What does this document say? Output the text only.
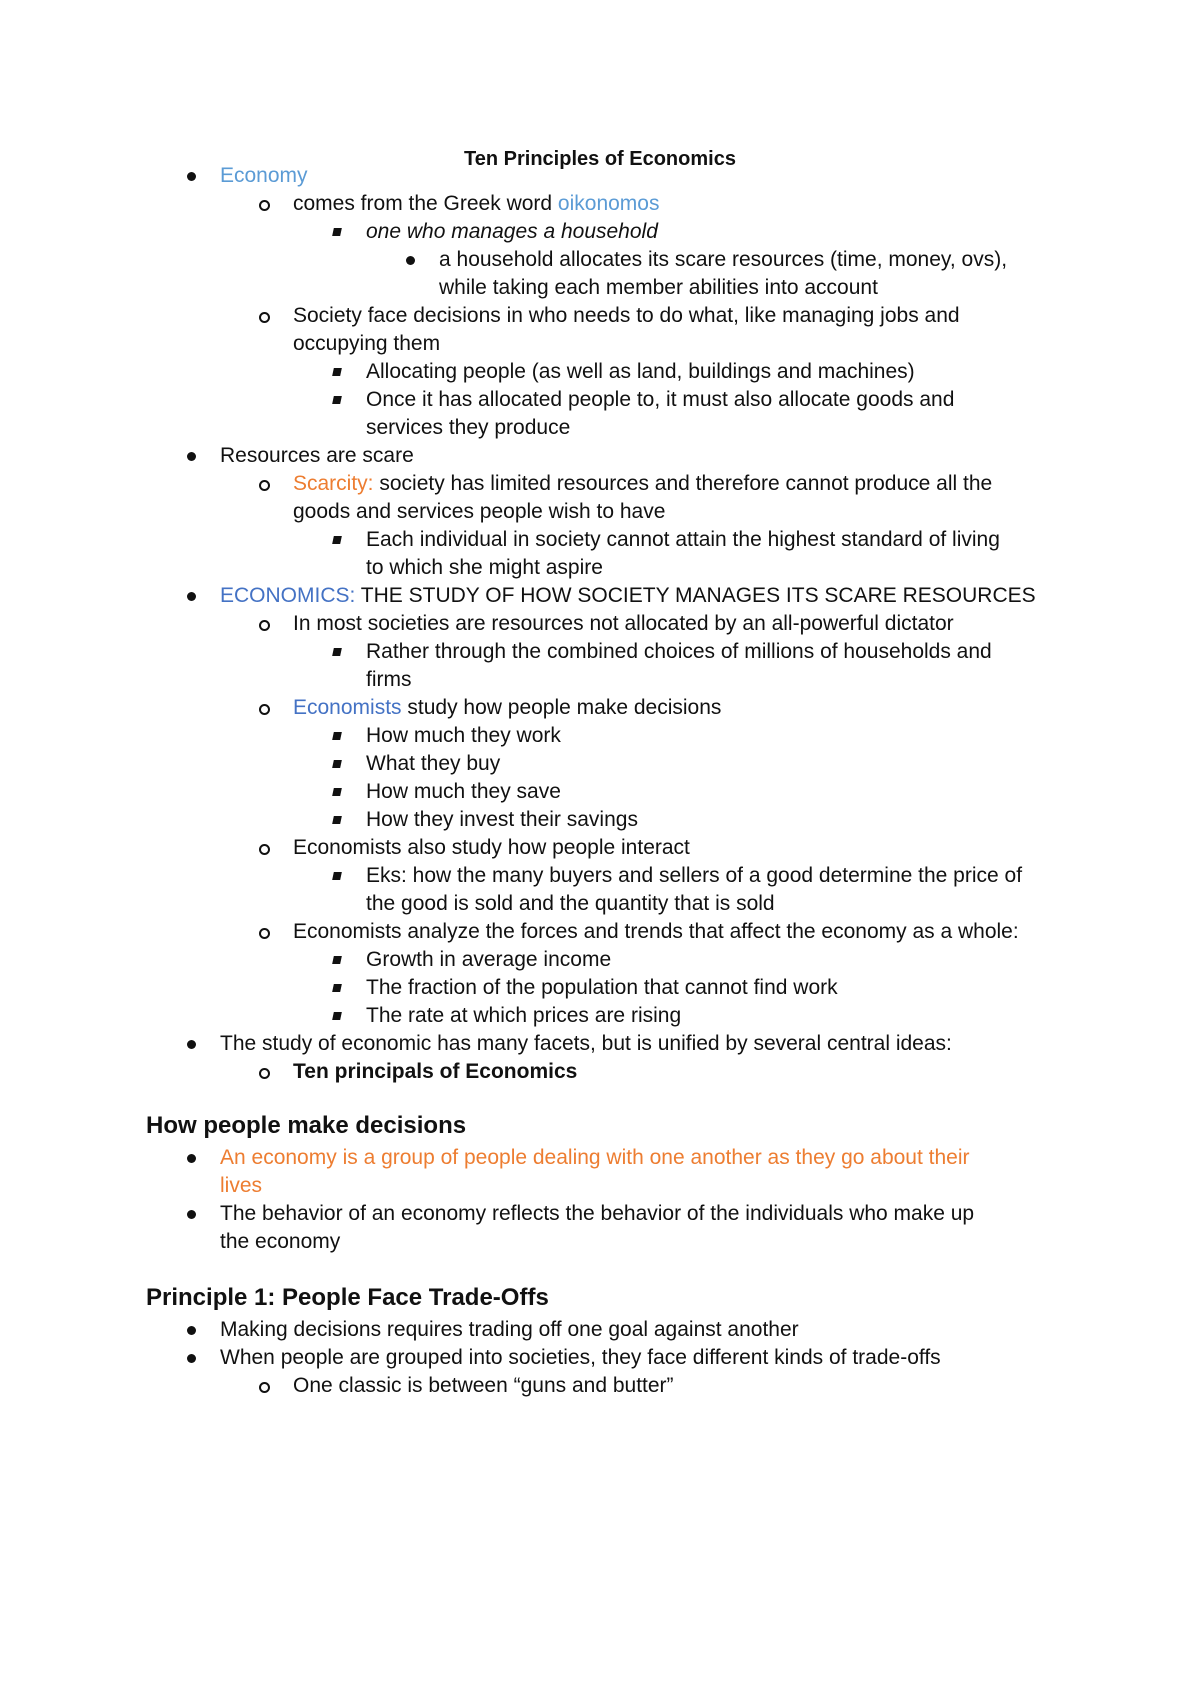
Ten Principles of Economics
Economy
comes from the Greek word oikonomos
one who manages a household
a household allocates its scare resources (time, money, ovs),
while taking each member abilities into account
Society face decisions in who needs to do what, like managing jobs and
occupying them
Allocating people (as well as land, buildings and machines)
Once it has allocated people to, it must also allocate goods and
services they produce
Resources are scare
Scarcity: society has limited resources and therefore cannot produce all the
goods and services people wish to have
Each individual in society cannot attain the highest standard of living
to which she might aspire
ECONOMICS: THE STUDY OF HOW SOCIETY MANAGES ITS SCARE RESOURCES
In most societies are resources not allocated by an all-powerful dictator
Rather through the combined choices of millions of households and
firms
Economists study how people make decisions
How much they work
What they buy
How much they save
How they invest their savings
Economists also study how people interact
Eks: how the many buyers and sellers of a good determine the price of
the good is sold and the quantity that is sold
Economists analyze the forces and trends that affect the economy as a whole:
Growth in average income
The fraction of the population that cannot find work
The rate at which prices are rising
The study of economic has many facets, but is unified by several central ideas:
Ten principals of Economics
How people make decisions
An economy is a group of people dealing with one another as they go about their
lives
The behavior of an economy reflects the behavior of the individuals who make up
the economy
Principle 1: People Face Trade-Offs
Making decisions requires trading off one goal against another
When people are grouped into societies, they face different kinds of trade-offs
One classic is between “guns and butter”
